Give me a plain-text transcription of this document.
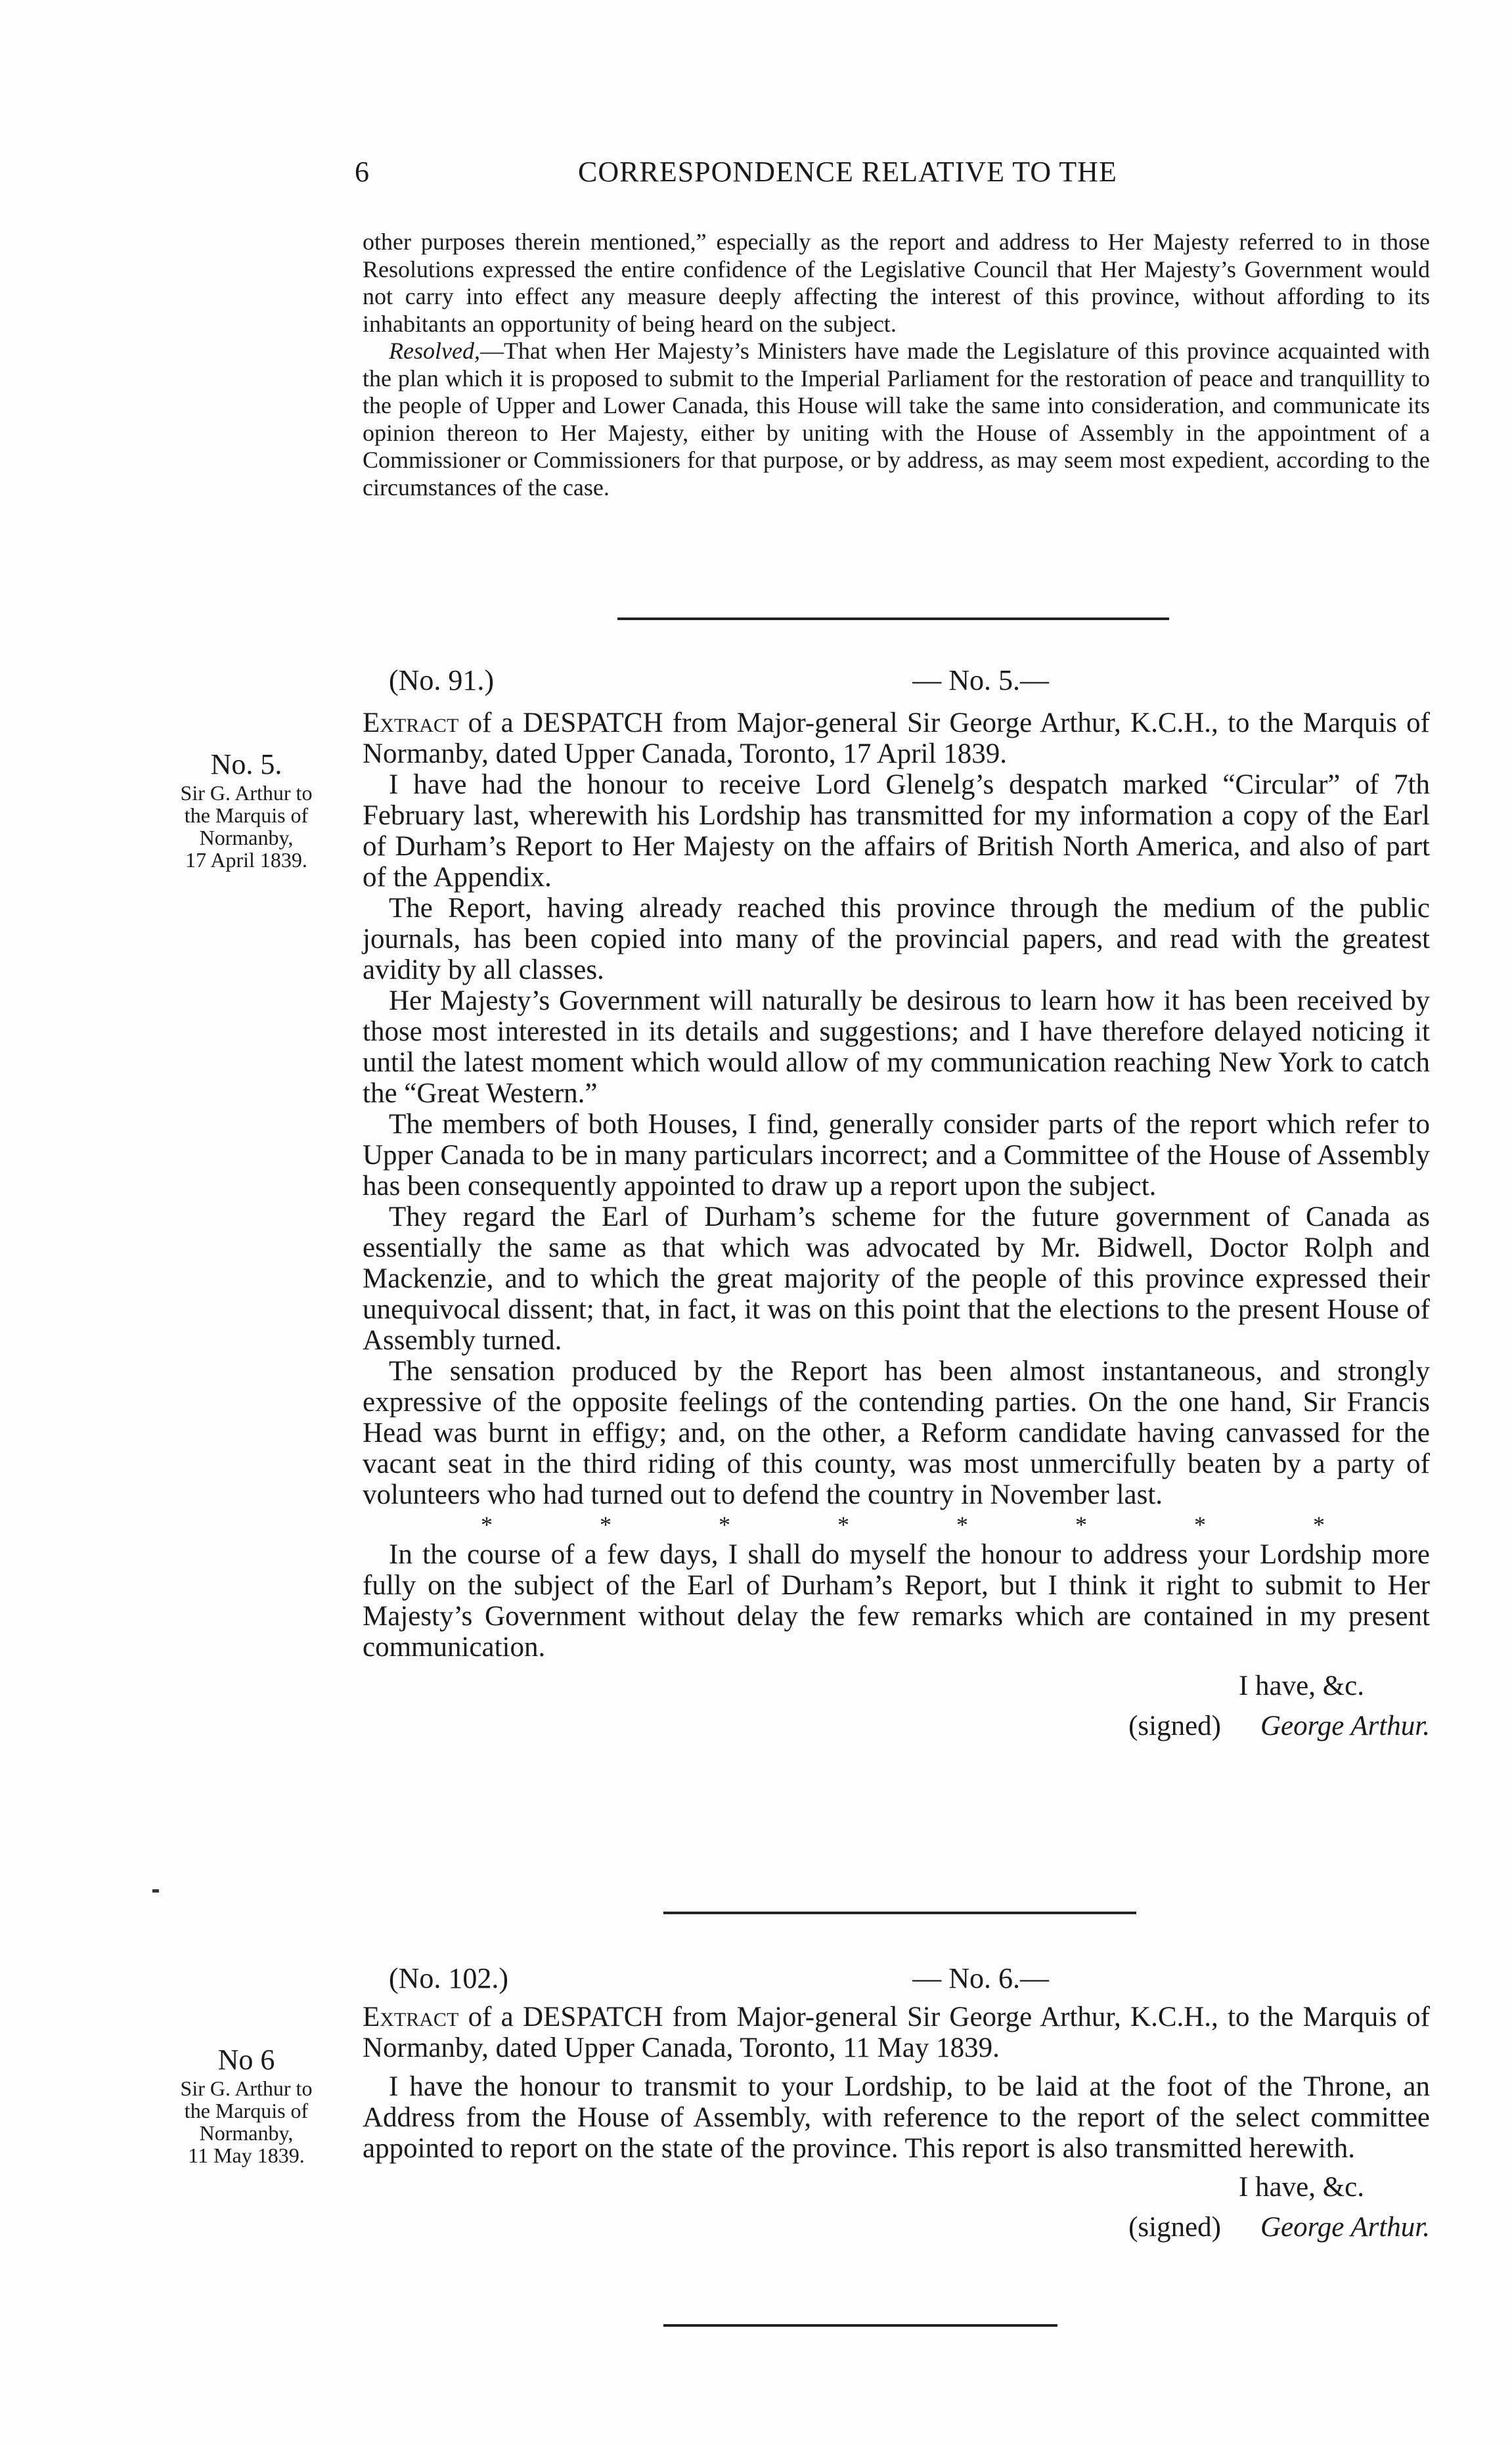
6	CORRESPONDENCE RELATIVE TO THE

other purposes therein mentioned,” especially as the report and address to Her Majesty referred to in those Resolutions expressed the entire confidence of the Legislative Council that Her Majesty’s Government would not carry into effect any measure deeply affecting the interest of this province, without affording to its inhabitants an opportunity of being heard on the subject.

Resolved,—That when Her Majesty’s Ministers have made the Legislature of this province acquainted with the plan which it is proposed to submit to the Imperial Parliament for the restoration of peace and tranquillity to the people of Upper and Lower Canada, this House will take the same into consideration, and communicate its opinion thereon to Her Majesty, either by uniting with the House of Assembly in the appointment of a Commissioner or Commissioners for that purpose, or by address, as may seem most expedient, according to the circumstances of the case.

No. 5.
Sir G. Arthur to
the Marquis of
Normanby,
17 April 1839.
(No. 91.)	— No. 5.—

Extract of a DESPATCH from Major-general Sir George Arthur, K.C.H., to the Marquis of Normanby, dated Upper Canada, Toronto, 17 April 1839.

I have had the honour to receive Lord Glenelg’s despatch marked “Circular” of 7th February last, wherewith his Lordship has transmitted for my information a copy of the Earl of Durham’s Report to Her Majesty on the affairs of British North America, and also of part of the Appendix.

The Report, having already reached this province through the medium of the public journals, has been copied into many of the provincial papers, and read with the greatest avidity by all classes.

Her Majesty’s Government will naturally be desirous to learn how it has been received by those most interested in its details and suggestions; and I have therefore delayed noticing it until the latest moment which would allow of my communication reaching New York to catch the “Great Western.”

The members of both Houses, I find, generally consider parts of the report which refer to Upper Canada to be in many particulars incorrect; and a Committee of the House of Assembly has been consequently appointed to draw up a report upon the subject.

They regard the Earl of Durham’s scheme for the future government of Canada as essentially the same as that which was advocated by Mr. Bidwell, Doctor Rolph and Mackenzie, and to which the great majority of the people of this province expressed their unequivocal dissent; that, in fact, it was on this point that the elections to the present House of Assembly turned.

The sensation produced by the Report has been almost instantaneous, and strongly expressive of the opposite feelings of the contending parties. On the one hand, Sir Francis Head was burnt in effigy; and, on the other, a Reform candidate having canvassed for the vacant seat in the third riding of this county, was most unmercifully beaten by a party of volunteers who had turned out to defend the country in November last.

*	*	*	*	*	*	*	*

In the course of a few days, I shall do myself the honour to address your Lordship more fully on the subject of the Earl of Durham’s Report, but I think it right to submit to Her Majesty’s Government without delay the few remarks which are contained in my present communication.

I have, &c.
(signed) George Arthur.
No 6
Sir G. Arthur to
the Marquis of
Normanby,
11 May 1839.
(No. 102.)	— No. 6.—

Extract of a DESPATCH from Major-general Sir George Arthur, K.C.H., to the Marquis of Normanby, dated Upper Canada, Toronto, 11 May 1839.

I have the honour to transmit to your Lordship, to be laid at the foot of the Throne, an Address from the House of Assembly, with reference to the report of the select committee appointed to report on the state of the province. This report is also transmitted herewith.

I have, &c.
(signed) George Arthur.
